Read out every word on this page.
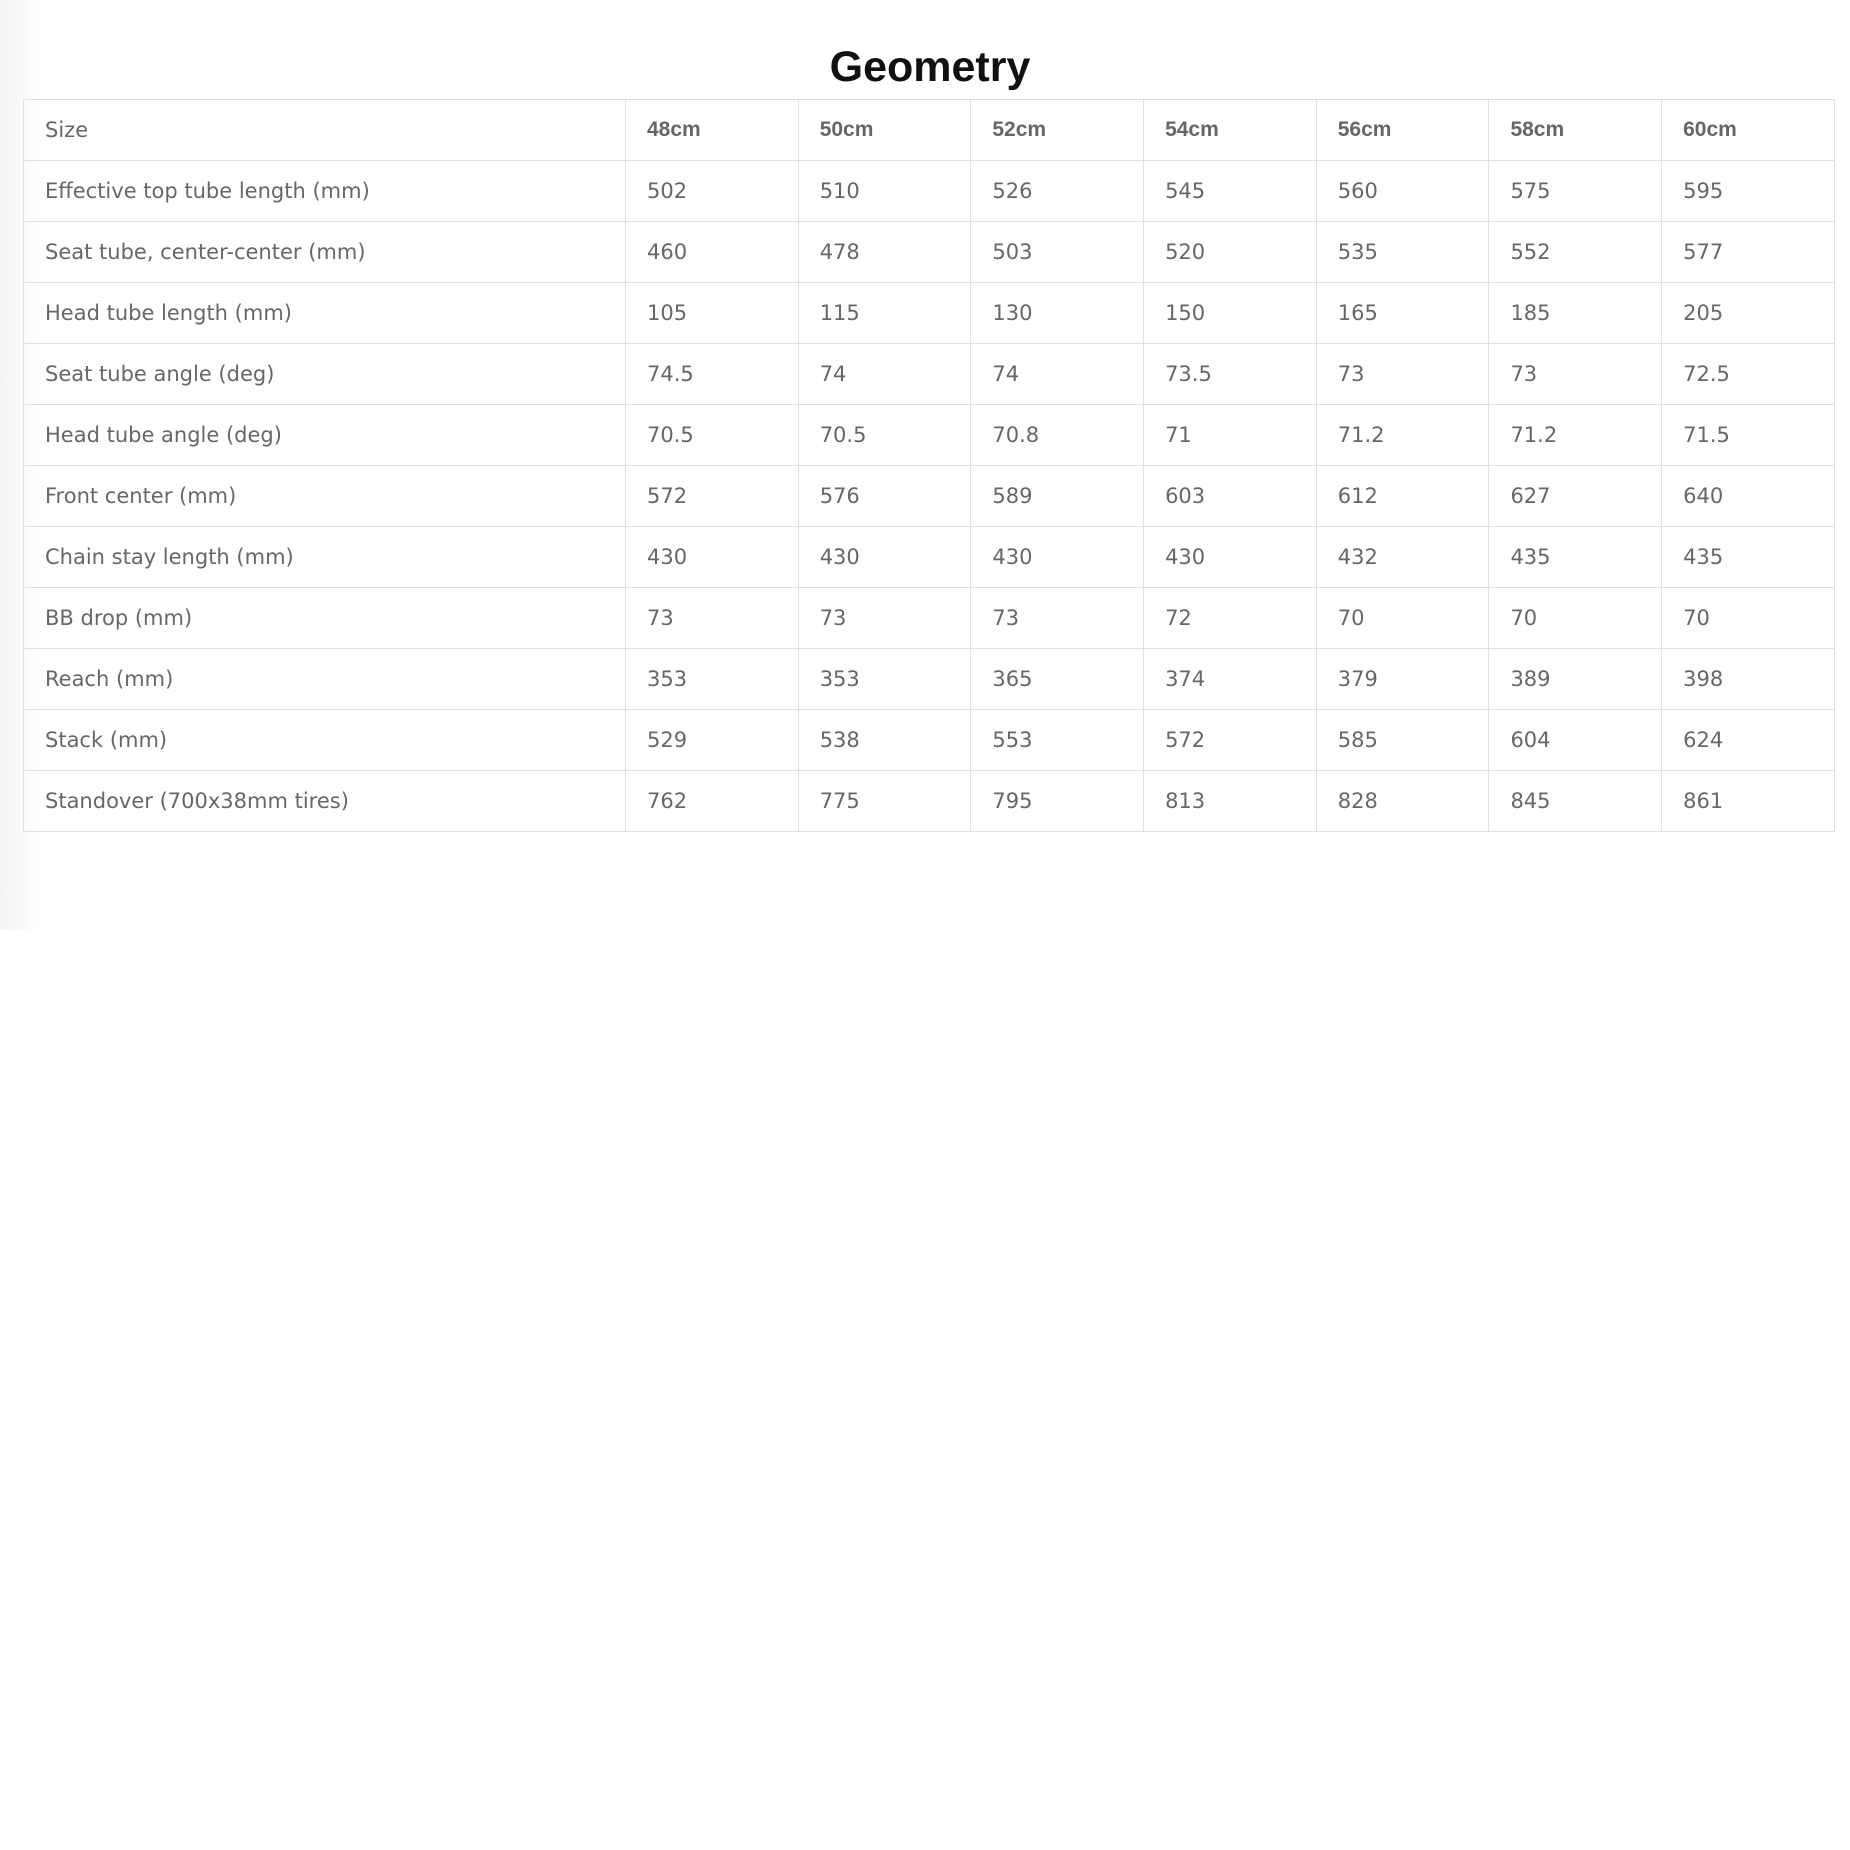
Geometry
Size	48cm	50cm	52cm	54cm	56cm	58cm	60cm
Effective top tube length (mm)	502	510	526	545	560	575	595
Seat tube, center-center (mm)	460	478	503	520	535	552	577
Head tube length (mm)	105	115	130	150	165	185	205
Seat tube angle (deg)	74.5	74	74	73.5	73	73	72.5
Head tube angle (deg)	70.5	70.5	70.8	71	71.2	71.2	71.5
Front center (mm)	572	576	589	603	612	627	640
Chain stay length (mm)	430	430	430	430	432	435	435
BB drop (mm)	73	73	73	72	70	70	70
Reach (mm)	353	353	365	374	379	389	398
Stack (mm)	529	538	553	572	585	604	624
Standover (700x38mm tires)	762	775	795	813	828	845	861
